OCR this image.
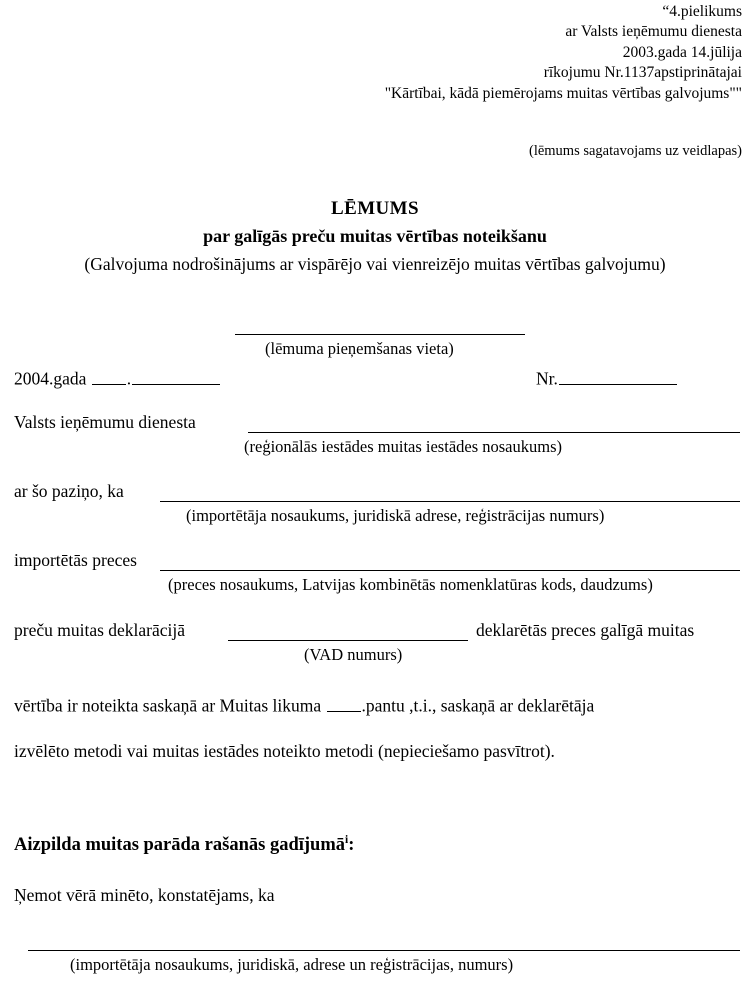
“4.pielikums
ar Valsts ieņēmumu dienesta
2003.gada 14.jūlija
rīkojumu Nr.1137apstiprinātajai
"Kārtībai, kādā piemērojams muitas vērtības galvojums""
(lēmums sagatavojams uz veidlapas)
LĒMUMS
par galīgās preču muitas vērtības noteikšanu
(Galvojuma nodrošinājums ar vispārējo vai vienreizējo muitas vērtības galvojumu)
(lēmuma pieņemšanas vieta)
2004.gada .	Nr.
Valsts ieņēmumu dienesta
(reģionālās iestādes muitas iestādes nosaukums)
ar šo paziņo, ka
(importētāja nosaukums, juridiskā adrese, reģistrācijas numurs)
importētās preces
(preces nosaukums, Latvijas kombinētās nomenklatūras kods, daudzums)
preču muitas deklarācijā	deklarētās preces galīgā muitas
(VAD numurs)
vērtība ir noteikta saskaņā ar Muitas likuma .pantu ,t.i., saskaņā ar deklarētāja
izvēlēto metodi vai muitas iestādes noteikto metodi (nepieciešamo pasvītrot).
Aizpilda muitas parāda rašanās gadījumā$^i$:
Ņemot vērā minēto, konstatējams, ka
(importētāja nosaukums, juridiskā, adrese un reģistrācijas, numurs)
